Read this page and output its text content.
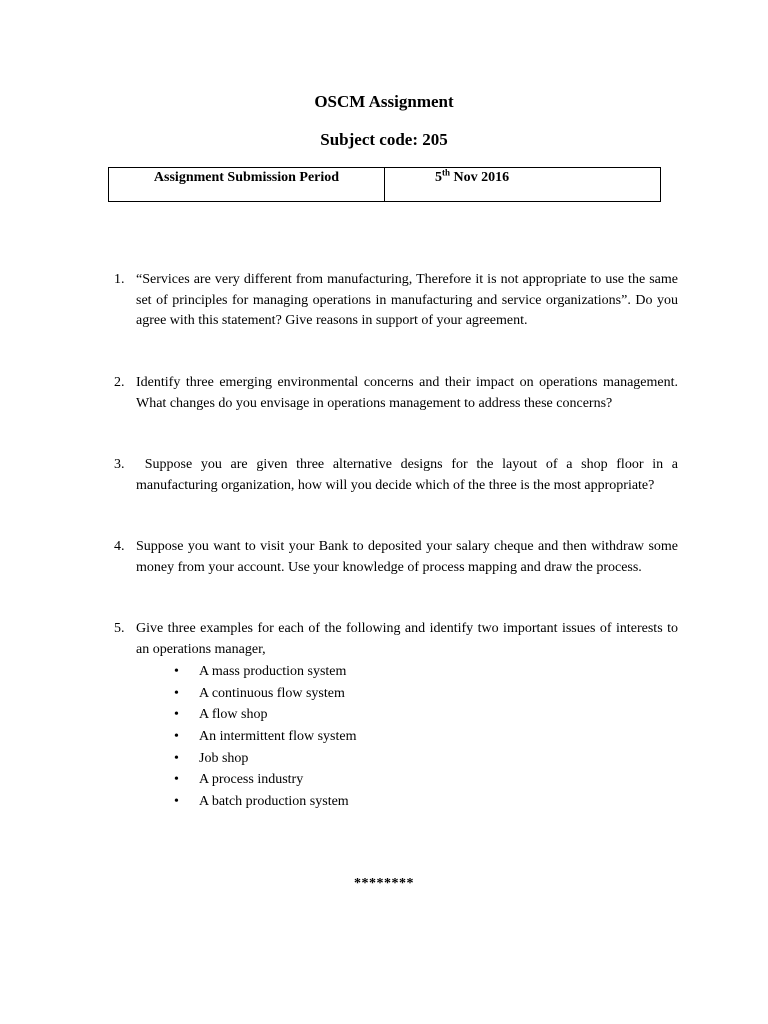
OSCM Assignment
Subject code: 205
Assignment Submission Period	5th Nov 2016
1. “Services are very different from manufacturing, Therefore it is not appropriate to use the same set of principles for managing operations in manufacturing and service organizations”. Do you agree with this statement? Give reasons in support of your agreement.
2. Identify three emerging environmental concerns and their impact on operations management. What changes do you envisage in operations management to address these concerns?
3. Suppose you are given three alternative designs for the layout of a shop floor in a manufacturing organization, how will you decide which of the three is the most appropriate?
4. Suppose you want to visit your Bank to deposited your salary cheque and then withdraw some money from your account. Use your knowledge of process mapping and draw the process.
5. Give three examples for each of the following and identify two important issues of interests to an operations manager,
• A mass production system
• A continuous flow system
• A flow shop
• An intermittent flow system
• Job shop
• A process industry
• A batch production system
********
